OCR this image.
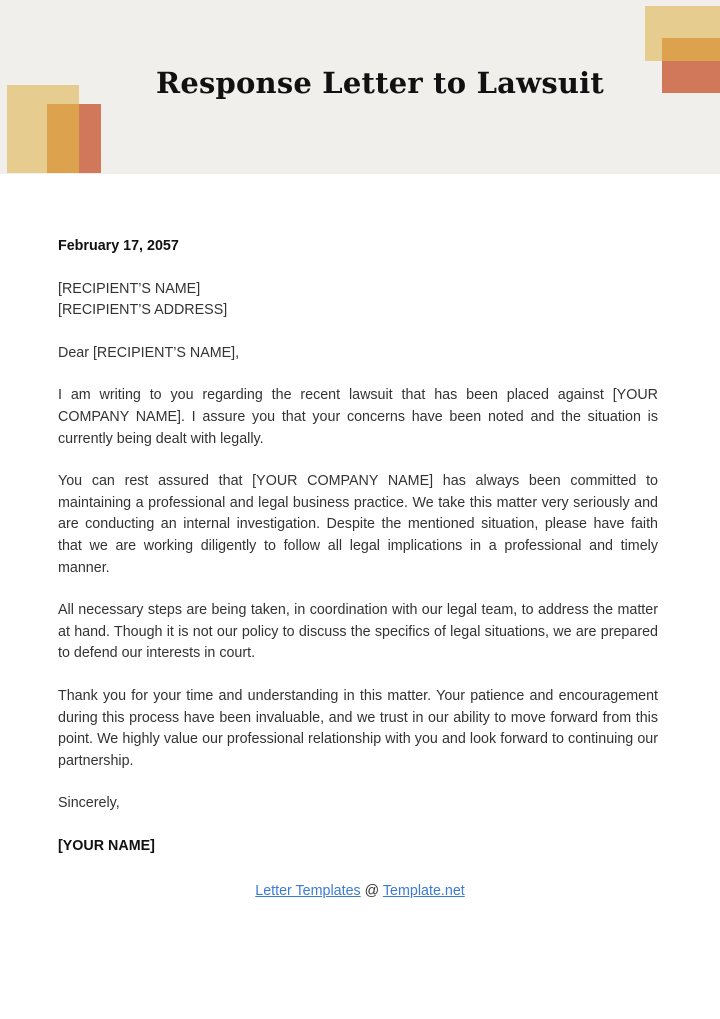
Response Letter to Lawsuit

February 17, 2057

[RECIPIENT’S NAME]
[RECIPIENT’S ADDRESS]

Dear [RECIPIENT’S NAME],

I am writing to you regarding the recent lawsuit that has been placed against [YOUR COMPANY NAME]. I assure you that your concerns have been noted and the situation is currently being dealt with legally.

You can rest assured that [YOUR COMPANY NAME] has always been committed to maintaining a professional and legal business practice. We take this matter very seriously and are conducting an internal investigation. Despite the mentioned situation, please have faith that we are working diligently to follow all legal implications in a professional and timely manner.

All necessary steps are being taken, in coordination with our legal team, to address the matter at hand. Though it is not our policy to discuss the specifics of legal situations, we are prepared to defend our interests in court.

Thank you for your time and understanding in this matter. Your patience and encouragement during this process have been invaluable, and we trust in our ability to move forward from this point. We highly value our professional relationship with you and look forward to continuing our partnership.

Sincerely,

[YOUR NAME]

Letter Templates @ Template.net
